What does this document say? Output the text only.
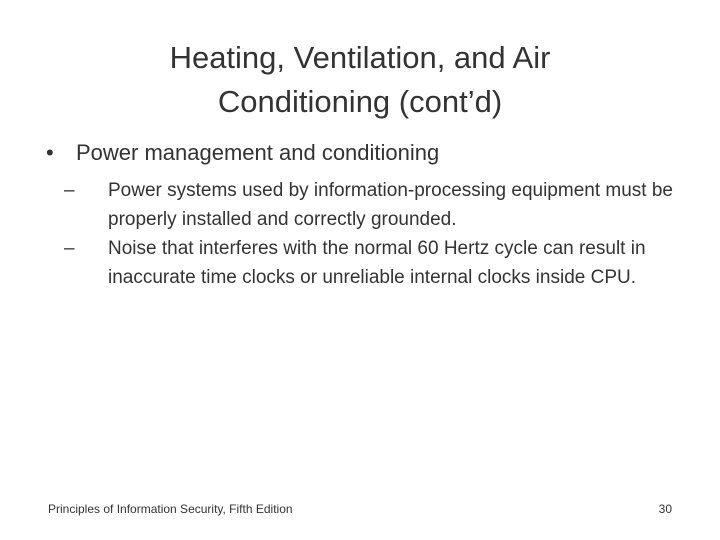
Heating, Ventilation, and Air
Conditioning (cont’d)
• Power management and conditioning
– Power systems used by information-processing equipment must be properly installed and correctly grounded.
– Noise that interferes with the normal 60 Hertz cycle can result in inaccurate time clocks or unreliable internal clocks inside CPU.
Principles of Information Security, Fifth Edition	30
